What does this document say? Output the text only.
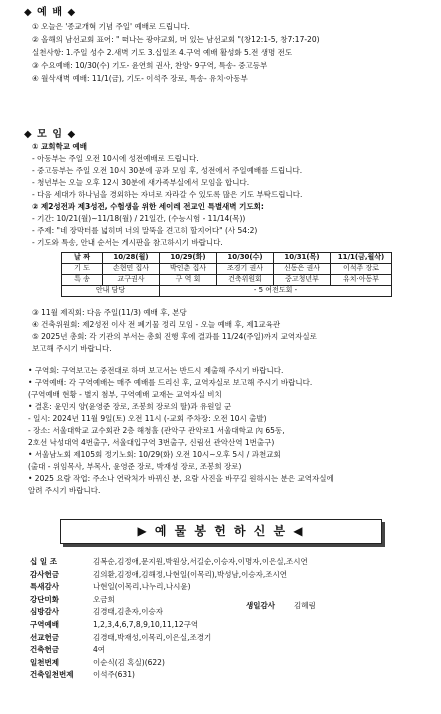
◆ 예 배 ◆
① 오늘은 '종교개혁 기념 주일' 예배로 드립니다.
② 올해의 남선교회 표어: " 떠나는 광야교회, 머 있는 남선교회 "(창12:1-5, 창7:17-20)
실천사항: 1.주일 성수 2.새벽 기도 3.십일조 4.구역 예배 활성화 5.전 생명 전도
③ 수요예배: 10/30(수) 기도- 윤연희 권사, 찬양- 9구역, 특송- 중고등부
④ 월삭새벽 예배: 11/1(금), 기도- 이석주 장로, 특송- 유치·아동부
◆ 모 임 ◆
① 교회학교 예배
- 아동부는 주일 오전 10시에 성전예배로 드립니다.
- 중고등부는 주일 오전 10시 30분에 공과 모임 후, 성전에서 주일예배를 드립니다.
- 청년부는 오늘 오후 12시 30분에 새가족부실에서 모임을 합니다.
- 다음 세대가 하나님을 경외하는 자녀로 자라갈 수 있도록 많은 기도 부탁드립니다.
② 제2성전과 제3성전, 수험생을 위한 세이레 전교인 특별새벽 기도회:
- 기간: 10/21(월)~11/18(월) / 21일간, (수능시험 - 11/14(목))
- 주제: "네 장막터를 넓히며 너의 말뚝을 견고히 할지어다" (사 54:2)
- 기도와 특송, 안내 순서는 게시판을 참고하시기 바랍니다.
날 짜	10/28(월)	10/29(화)	10/30(수)	10/31(목)	11/1(금,월삭)
기 도	손현민 집사	박인춘 집사	조경기 권사	신동은 권사	이석주 장로
특 송	교구권사	구 역 회	건축위원회	중고청년부	유치·아동부
안내 담당		- 5 여전도회 -			
③ 11월 제직회: 다음 주일(11/3) 예배 후, 본당
④ 건축위원회: 제2성전 이사 전 폐기물 정리 모임 - 오늘 예배 후, 제1교육관
⑤ 2025년 총회: 각 기관의 부서는 총회 진행 후에 결과를 11/24(주일)까지 교역자실로
보고해 주시기 바랍니다.
• 구역회: 구역보고는 중전대로 하며 보고서는 반드시 제출해 주시기 바랍니다.
• 구역예배: 각 구역예배는 매주 예배를 드리신 후, 교역자실로 보고해 주시기 바랍니다.
(구역예배 현황 - 별지 첨부, 구역예배 교재는 교역자실 비치
• 결혼: 윤민지 양(윤영준 장로, 조봉희 장로의 딸)과 유원일 군
- 일시: 2024년 11월 9일(토) 오전 11시 (-교회 주차장: 오전 10시 출발)
- 장소: 서울대학교 교수회관 2층 해청홀 (관악구 관악로1 서울대학교 內 65동,
2호선 낙성대역 4번출구, 서울대입구역 3번출구, 신림선 관악산역 1번출구)
• 서울남노회 제105회 정기노회: 10/29(화) 오전 10시~오후 5시 / 과천교회
(출대 - 위임목사, 부목사, 윤영준 장로, 박재성 장로, 조봉희 장로)
• 2025 요람 작업: 주소나 연락처가 바뀌신 분, 요람 사진을 바꾸길 원하시는 분은 교역자실에
알려 주시기 바랍니다.
▶ 예 물 봉 헌 하 신 분 ◀
십 일 조	김복순,김정애,문지원,박원상,서길순,이승자,이명자,이은실,조시연
감사헌금	김의환,김정애,김해정,나현일(이목리),박성남,이승자,조시연
특새감사	나현일(이목리,나누리,나시윤)
강단미화	오금희
심방감사	김경태,김춘자,이승자
구역예배	1,2,3,4,6,7,8,9,10,11,12구역
선교헌금	김경태,박재성,이목리,이은실,조경기
건축헌금	4여
일천번제	이순식(김 혹실)(622)
건축일천번제	이석주(631)
생일감사	김혜림
